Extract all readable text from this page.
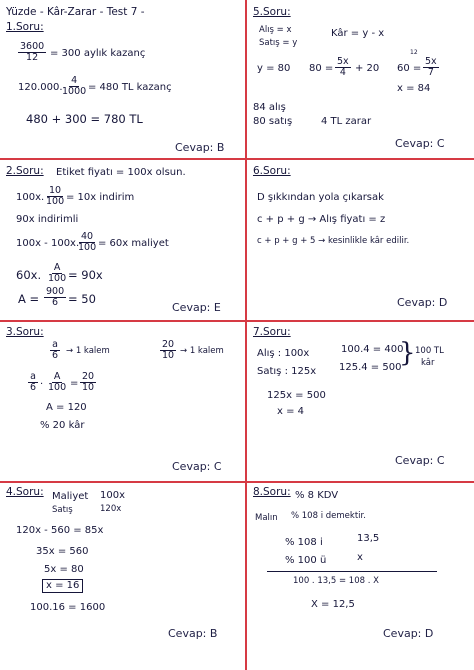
Yüzde - Kâr-Zarar - Test 7 -
1.Soru:
$\frac{3600}{12} = 300$ aylık kazanç
120.000.
$\frac{4}{1000} = 480$ TL kazanç
480 + 300 = 780 TL
Cevap: B
5.Soru:
Alış = x
Satış = y
Kâr = y - x
y = 80 $80 = \frac{5x}{4} + 20$
12
$60 = \frac{5x}{7}$
x = 84
84 alış
80 satış	4 TL zarar
Cevap: C
2.Soru: Etiket fiyatı = 100x olsun.
100x. $\frac{10}{100} = 10x$ indirim
90x indirimli
100x - 100x.
$\frac{40}{100} = 60x$ maliyet
60x. $\frac{A}{100} = 90x$
$A = \frac{900}{6} = 50$
Cevap: E
6.Soru:
D şıkkından yola çıkarsak
c + p + g → Alış fiyatı = z
c + p + g + 5 → kesinlikle kâr edilir.
Cevap: D
3.Soru:
$\frac{a}{6} \to 1$ kalem	$\frac{20}{10} \to 1$ kalem
$\frac{a}{6}$ . $\frac{A}{100} = \frac{20}{10}$
A = 120
% 20 kâr
Cevap: C
7.Soru:
Alış : 100x	100.4 = 400
Satış : 125x 125.4 = 500
} 100 TL
kâr
125x = 500
x = 4
Cevap: C
4.Soru: Maliyet 100x
Satış	120x
120x - 560 = 85x
35x = 560
5x = 80
x = 16
100.16 = 1600
Cevap: B
8.Soru: % 8 KDV
Malın % 108 i demektir.
% 108 i	13,5
% 100 ü	x
100 . 13,5 = 108 . X
X = 12,5
Cevap: D
